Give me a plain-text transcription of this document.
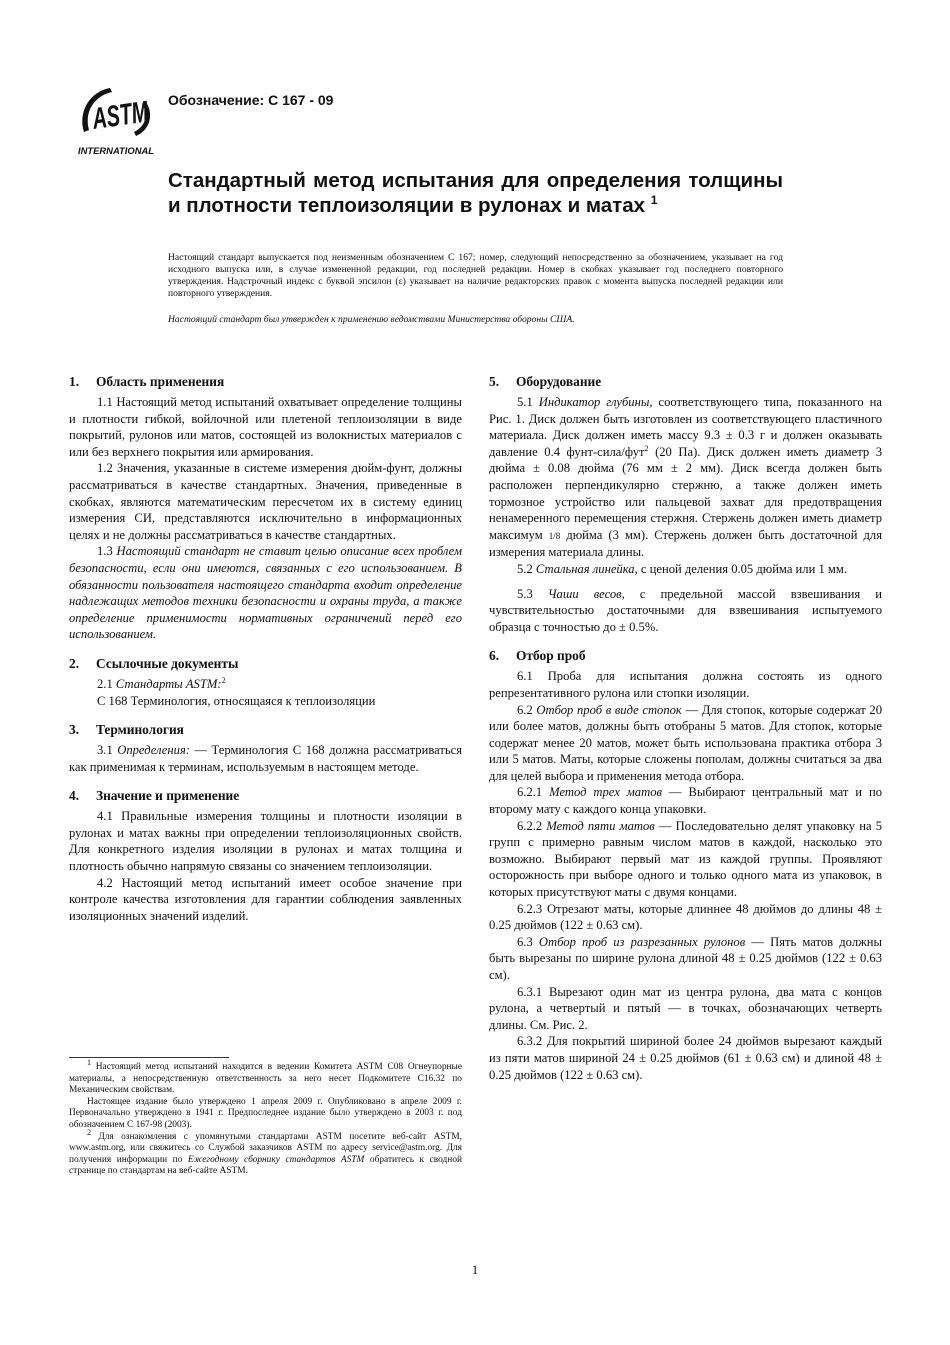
ASTM
INTERNATIONAL
Обозначение: C 167 - 09
Стандартный метод испытания для определения толщины и плотности теплоизоляции в рулонах и матах $^1$

Настоящий стандарт выпускается под неизменным обозначением C 167; номер, следующий непосредственно за обозначением, указывает на год исходного выпуска или, в случае измененной редакции, год последней редакции. Номер в скобках указывает год последнего повторного утверждения. Надстрочный индекс с буквой эпсилон (ε) указывает на наличие редакторских правок с момента выпуска последней редакции или повторного утверждения.

Настоящий стандарт был утвержден к применению ведомствами Министерства обороны США.

1. Область применения

1.1 Настоящий метод испытаний охватывает определение толщины и плотности гибкой, войлочной или плетеной теплоизоляции в виде покрытий, рулонов или матов, состоящей из волокнистых материалов с или без верхнего покрытия или армирования.

1.2 Значения, указанные в системе измерения дюйм-фунт, должны рассматриваться в качестве стандартных. Значения, приведенные в скобках, являются математическим пересчетом их в систему единиц измерения СИ, представляются исключительно в информационных целях и не должны рассматриваться в качестве стандартных.

1.3 Настоящий стандарт не ставит целью описание всех проблем безопасности, если они имеются, связанных с его использованием. В обязанности пользователя настоящего стандарта входит определение надлежащих методов техники безопасности и охраны труда, а также определение применимости нормативных ограничений перед его использованием.

2. Ссылочные документы

2.1 Стандарты ASTM:$^2$

C 168 Терминология, относящаяся к теплоизоляции

3. Терминология

3.1 Определения: — Терминология C 168 должна рассматриваться как применимая к терминам, используемым в настоящем методе.

4. Значение и применение

4.1 Правильные измерения толщины и плотности изоляции в рулонах и матах важны при определении теплоизоляционных свойств. Для конкретного изделия изоляции в рулонах и матах толщина и плотность обычно напрямую связаны со значением теплоизоляции.

4.2 Настоящий метод испытаний имеет особое значение при контроле качества изготовления для гарантии соблюдения заявленных изоляционных значений изделий.

5. Оборудование

5.1 Индикатор глубины, соответствующего типа, показанного на Рис. 1. Диск должен быть изготовлен из соответствующего пластичного материала. Диск должен иметь массу 9.3 ± 0.3 г и должен оказывать давление 0.4 фунт-сила/фут$^2$ (20 Па). Диск должен иметь диаметр 3 дюйма ± 0.08 дюйма (76 мм ± 2 мм). Диск всегда должен быть расположен перпендикулярно стержню, а также должен иметь тормозное устройство или пальцевой захват для предотвращения ненамеренного перемещения стержня. Стержень должен иметь диаметр максимум 1/8 дюйма (3 мм). Стержень должен быть достаточной для измерения материала длины.

5.2 Стальная линейка, с ценой деления 0.05 дюйма или 1 мм.

5.3 Чаши весов, с предельной массой взвешивания и чувствительностью достаточными для взвешивания испытуемого образца с точностью до ± 0.5%.

6. Отбор проб

6.1 Проба для испытания должна состоять из одного репрезентативного рулона или стопки изоляции.

6.2 Отбор проб в виде стопок — Для стопок, которые содержат 20 или более матов, должны быть отобраны 5 матов. Для стопок, которые содержат менее 20 матов, может быть использована практика отбора 3 или 5 матов. Маты, которые сложены пополам, должны считаться за два для целей выбора и применения метода отбора.

6.2.1 Метод трех матов — Выбирают центральный мат и по второму мату с каждого конца упаковки.

6.2.2 Метод пяти матов — Последовательно делят упаковку на 5 групп с примерно равным числом матов в каждой, насколько это возможно. Выбирают первый мат из каждой группы. Проявляют осторожность при выборе одного и только одного мата из упаковок, в которых присутствуют маты с двумя концами.

6.2.3 Отрезают маты, которые длиннее 48 дюймов до длины 48 ± 0.25 дюймов (122 ± 0.63 см).

6.3 Отбор проб из разрезанных рулонов — Пять матов должны быть вырезаны по ширине рулона длиной 48 ± 0.25 дюймов (122 ± 0.63 см).

6.3.1 Вырезают один мат из центра рулона, два мата с концов рулона, а четвертый и пятый — в точках, обозначающих четверть длины. См. Рис. 2.

6.3.2 Для покрытий шириной более 24 дюймов вырезают каждый из пяти матов шириной 24 ± 0.25 дюймов (61 ± 0.63 см) и длиной 48 ± 0.25 дюймов (122 ± 0.63 см).

$^1$ Настоящий метод испытаний находится в ведении Комитета ASTM C08 Огнеупорные материалы, а непосредственную ответственность за него несет Подкомитете C16.32 по Механическим свойствам.

Настоящее издание было утверждено 1 апреля 2009 г. Опубликовано в апреле 2009 г. Первоначально утверждено в 1941 г. Предпоследнее издание было утверждено в 2003 г. под обозначением C 167-98 (2003).

$^2$ Для ознакомления с упомянутыми стандартами ASTM посетите веб-сайт ASTM, www.astm.org, или свяжитесь со Службой заказчиков ASTM по адресу service@astm.org. Для получения информации по Ежегодному сборнику стандартов ASTM обратитесь к сводной странице по стандартам на веб-сайте ASTM.

1
